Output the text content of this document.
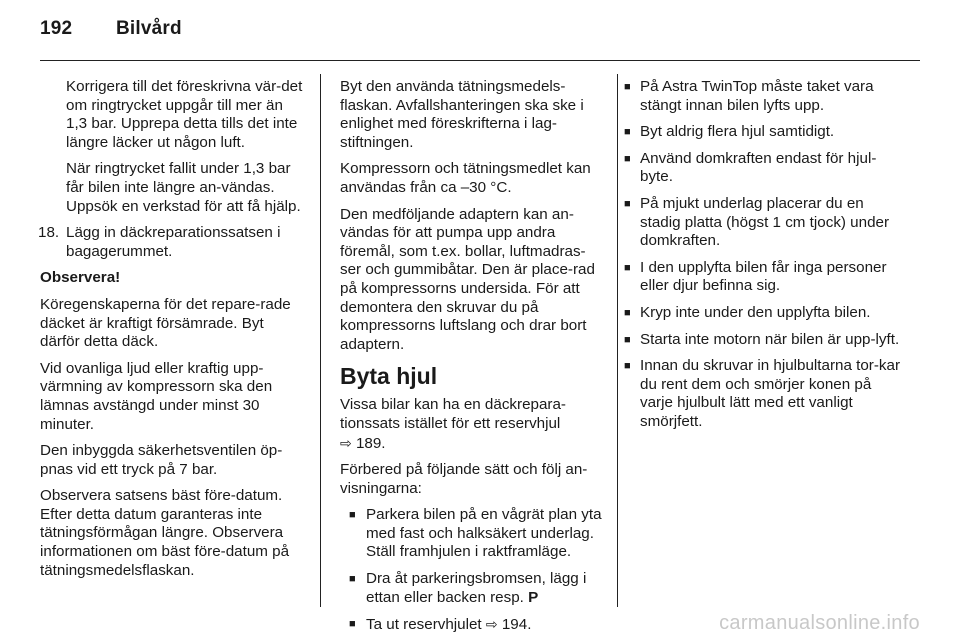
192 Bilvård

Korrigera till det föreskrivna vär-det om ringtrycket uppgår till mer än 1,3 bar. Upprepa detta tills det inte längre läcker ut någon luft.

När ringtrycket fallit under 1,3 bar får bilen inte längre an-vändas. Uppsök en verkstad för att få hjälp.

18. Lägg in däckreparationssatsen i bagagerummet.

Observera!

Köregenskaperna för det repare-rade däcket är kraftigt försämrade. Byt därför detta däck.

Vid ovanliga ljud eller kraftig upp-värmning av kompressorn ska den lämnas avstängd under minst 30 minuter.

Den inbyggda säkerhetsventilen öp-pnas vid ett tryck på 7 bar.

Observera satsens bäst före-datum. Efter detta datum garanteras inte tätningsförmågan längre. Observera informationen om bäst före-datum på tätningsmedelsflaskan.

Byt den använda tätningsmedels-flaskan. Avfallshanteringen ska ske i enlighet med föreskrifterna i lag-stiftningen.

Kompressorn och tätningsmedlet kan användas från ca –30 °C.

Den medföljande adaptern kan an-vändas för att pumpa upp andra föremål, som t.ex. bollar, luftmadras-ser och gummibåtar. Den är place-rad på kompressorns undersida. För att demontera den skruvar du på kompressorns luftslang och drar bort adaptern.

Byta hjul

Vissa bilar kan ha en däckrepara-tionssats istället för ett reservhjul
⇨ 189.

Förbered på följande sätt och följ an-visningarna:

■ Parkera bilen på en vågrät plan yta med fast och halksäkert underlag. Ställ framhjulen i raktframläge.
■ Dra åt parkeringsbromsen, lägg i ettan eller backen resp. P
■ Ta ut reservhjulet ⇨ 194.
■ På Astra TwinTop måste taket vara stängt innan bilen lyfts upp.
■ Byt aldrig flera hjul samtidigt.
■ Använd domkraften endast för hjul-byte.
■ På mjukt underlag placerar du en stadig platta (högst 1 cm tjock) under domkraften.
■ I den upplyfta bilen får inga personer eller djur befinna sig.
■ Kryp inte under den upplyfta bilen.
■ Starta inte motorn när bilen är upp-lyft.
■ Innan du skruvar in hjulbultarna tor-kar du rent dem och smörjer konen på varje hjulbult lätt med ett vanligt smörjfett.
carmanualsonline.info
